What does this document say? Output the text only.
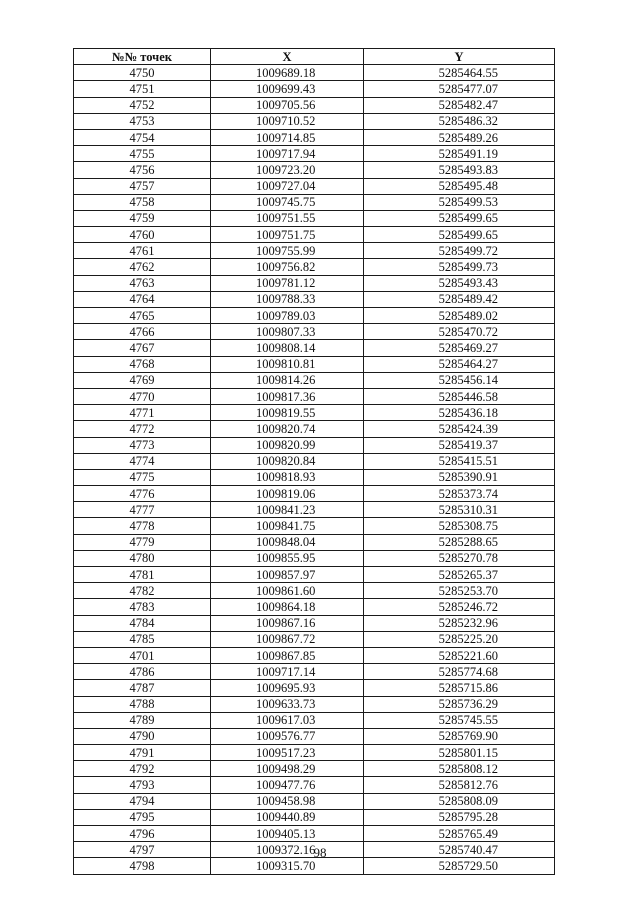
№№ точек	X	Y
4750	1009689.18	5285464.55
4751	1009699.43	5285477.07
4752	1009705.56	5285482.47
4753	1009710.52	5285486.32
4754	1009714.85	5285489.26
4755	1009717.94	5285491.19
4756	1009723.20	5285493.83
4757	1009727.04	5285495.48
4758	1009745.75	5285499.53
4759	1009751.55	5285499.65
4760	1009751.75	5285499.65
4761	1009755.99	5285499.72
4762	1009756.82	5285499.73
4763	1009781.12	5285493.43
4764	1009788.33	5285489.42
4765	1009789.03	5285489.02
4766	1009807.33	5285470.72
4767	1009808.14	5285469.27
4768	1009810.81	5285464.27
4769	1009814.26	5285456.14
4770	1009817.36	5285446.58
4771	1009819.55	5285436.18
4772	1009820.74	5285424.39
4773	1009820.99	5285419.37
4774	1009820.84	5285415.51
4775	1009818.93	5285390.91
4776	1009819.06	5285373.74
4777	1009841.23	5285310.31
4778	1009841.75	5285308.75
4779	1009848.04	5285288.65
4780	1009855.95	5285270.78
4781	1009857.97	5285265.37
4782	1009861.60	5285253.70
4783	1009864.18	5285246.72
4784	1009867.16	5285232.96
4785	1009867.72	5285225.20
4701	1009867.85	5285221.60
4786	1009717.14	5285774.68
4787	1009695.93	5285715.86
4788	1009633.73	5285736.29
4789	1009617.03	5285745.55
4790	1009576.77	5285769.90
4791	1009517.23	5285801.15
4792	1009498.29	5285808.12
4793	1009477.76	5285812.76
4794	1009458.98	5285808.09
4795	1009440.89	5285795.28
4796	1009405.13	5285765.49
4797	1009372.16	5285740.47
4798	1009315.70	5285729.50
98
